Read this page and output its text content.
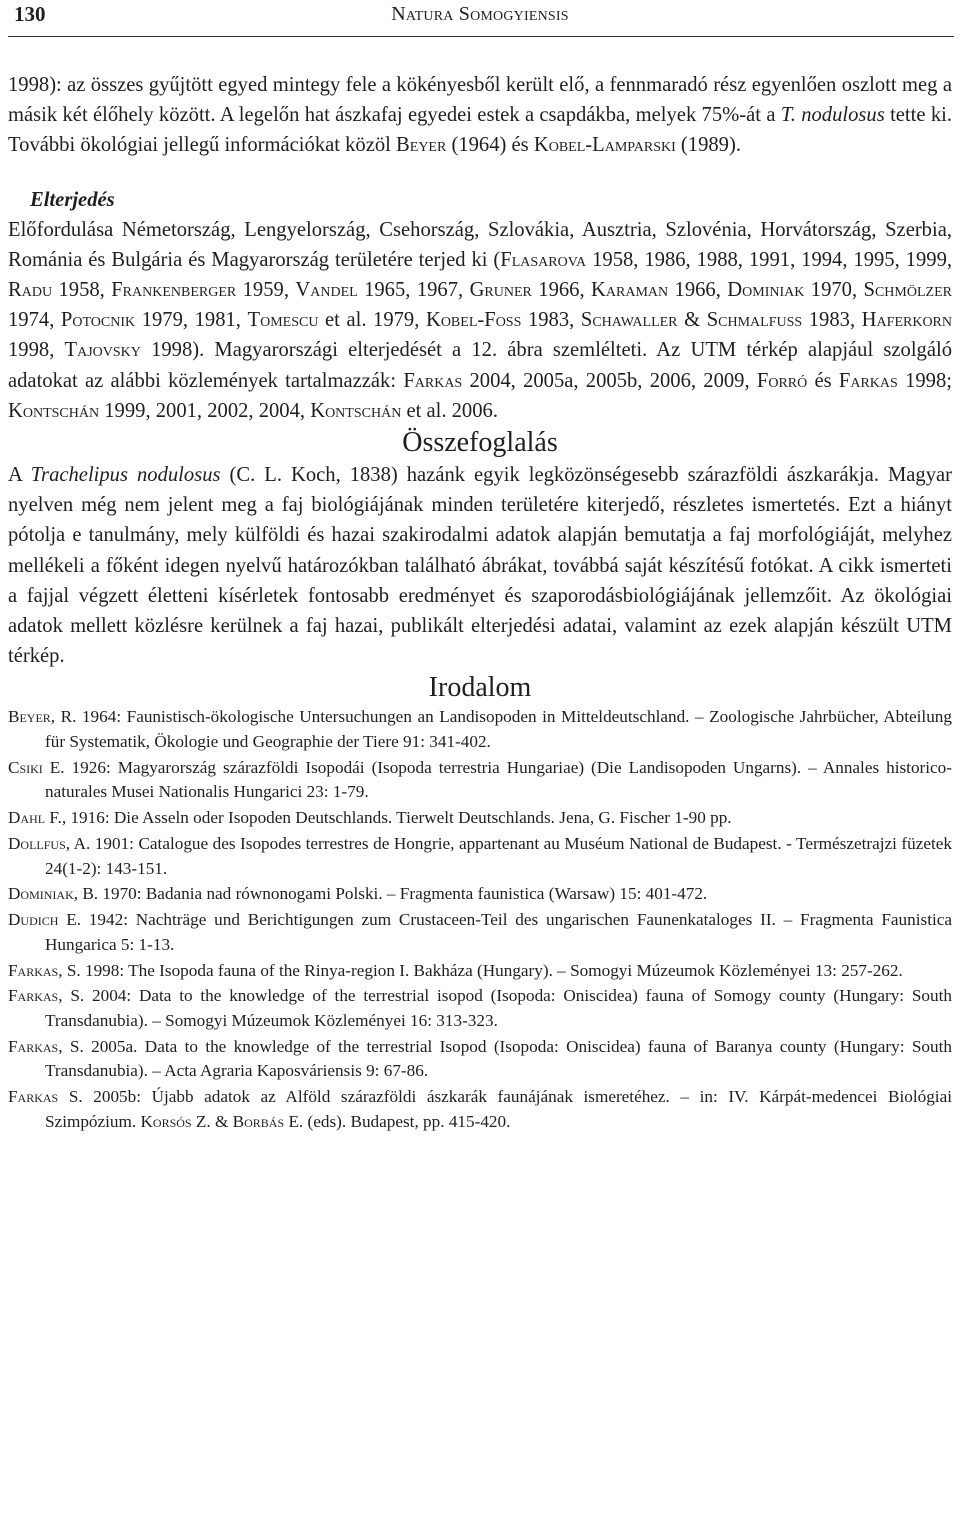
130	Natura Somogyiensis

1998): az összes gyűjtött egyed mintegy fele a kökényesből került elő, a fennmaradó rész egyenlően oszlott meg a másik két élőhely között. A legelőn hat ászkafaj egyedei estek a csapdákba, melyek 75%-át a T. nodulosus tette ki. További ökológiai jellegű információkat közöl Beyer (1964) és Kobel-Lamparski (1989).

Elterjedés

Előfordulása Németország, Lengyelország, Csehország, Szlovákia, Ausztria, Szlovénia, Horvátország, Szerbia, Románia és Bulgária és Magyarország területére terjed ki (Flasarova 1958, 1986, 1988, 1991, 1994, 1995, 1999, Radu 1958, Frankenberger 1959, Vandel 1965, 1967, Gruner 1966, Karaman 1966, Dominiak 1970, Schmölzer 1974, Potocnik 1979, 1981, Tomescu et al. 1979, Kobel-Foss 1983, Schawaller & Schmalfuss 1983, Haferkorn 1998, Tajovsky 1998). Magyarországi elterjedését a 12. ábra szemlélteti. Az UTM térkép alapjául szolgáló adatokat az alábbi közlemények tartalmazzák: Farkas 2004, 2005a, 2005b, 2006, 2009, Forró és Farkas 1998; Kontschán 1999, 2001, 2002, 2004, Kontschán et al. 2006.

Összefoglalás

A Trachelipus nodulosus (C. L. Koch, 1838) hazánk egyik legközönségesebb szárazföldi ászkarákja. Magyar nyelven még nem jelent meg a faj biológiájának minden területére kiterjedő, részletes ismertetés. Ezt a hiányt pótolja e tanulmány, mely külföldi és hazai szakirodalmi adatok alapján bemutatja a faj morfológiáját, melyhez mellékeli a főként idegen nyelvű határozókban található ábrákat, továbbá saját készítésű fotókat. A cikk ismerteti a fajjal végzett életteni kísérletek fontosabb eredményet és szaporodásbiológiájának jellemzőit. Az ökológiai adatok mellett közlésre kerülnek a faj hazai, publikált elterjedési adatai, valamint az ezek alapján készült UTM térkép.

Irodalom

Beyer, R. 1964: Faunistisch-ökologische Untersuchungen an Landisopoden in Mitteldeutschland. – Zoologische Jahrbücher, Abteilung für Systematik, Ökologie und Geographie der Tiere 91: 341-402.

Csiki E. 1926: Magyarország szárazföldi Isopodái (Isopoda terrestria Hungariae) (Die Landisopoden Ungarns). – Annales historico-naturales Musei Nationalis Hungarici 23: 1-79.

Dahl F., 1916: Die Asseln oder Isopoden Deutschlands. Tierwelt Deutschlands. Jena, G. Fischer 1-90 pp.

Dollfus, A. 1901: Catalogue des Isopodes terrestres de Hongrie, appartenant au Muséum National de Budapest. - Természetrajzi füzetek 24(1-2): 143-151.

Dominiak, B. 1970: Badania nad równonogami Polski. – Fragmenta faunistica (Warsaw) 15: 401-472.

Dudich E. 1942: Nachträge und Berichtigungen zum Crustaceen-Teil des ungarischen Faunenkataloges II. – Fragmenta Faunistica Hungarica 5: 1-13.

Farkas, S. 1998: The Isopoda fauna of the Rinya-region I. Bakháza (Hungary). – Somogyi Múzeumok Közleményei 13: 257-262.

Farkas, S. 2004: Data to the knowledge of the terrestrial isopod (Isopoda: Oniscidea) fauna of Somogy county (Hungary: South Transdanubia). – Somogyi Múzeumok Közleményei 16: 313-323.

Farkas, S. 2005a. Data to the knowledge of the terrestrial Isopod (Isopoda: Oniscidea) fauna of Baranya county (Hungary: South Transdanubia). – Acta Agraria Kaposváriensis 9: 67-86.

Farkas S. 2005b: Újabb adatok az Alföld szárazföldi ászkarák faunájának ismeretéhez. – in: IV. Kárpát-medencei Biológiai Szimpózium. Korsós Z. & Borbás E. (eds). Budapest, pp. 415-420.
